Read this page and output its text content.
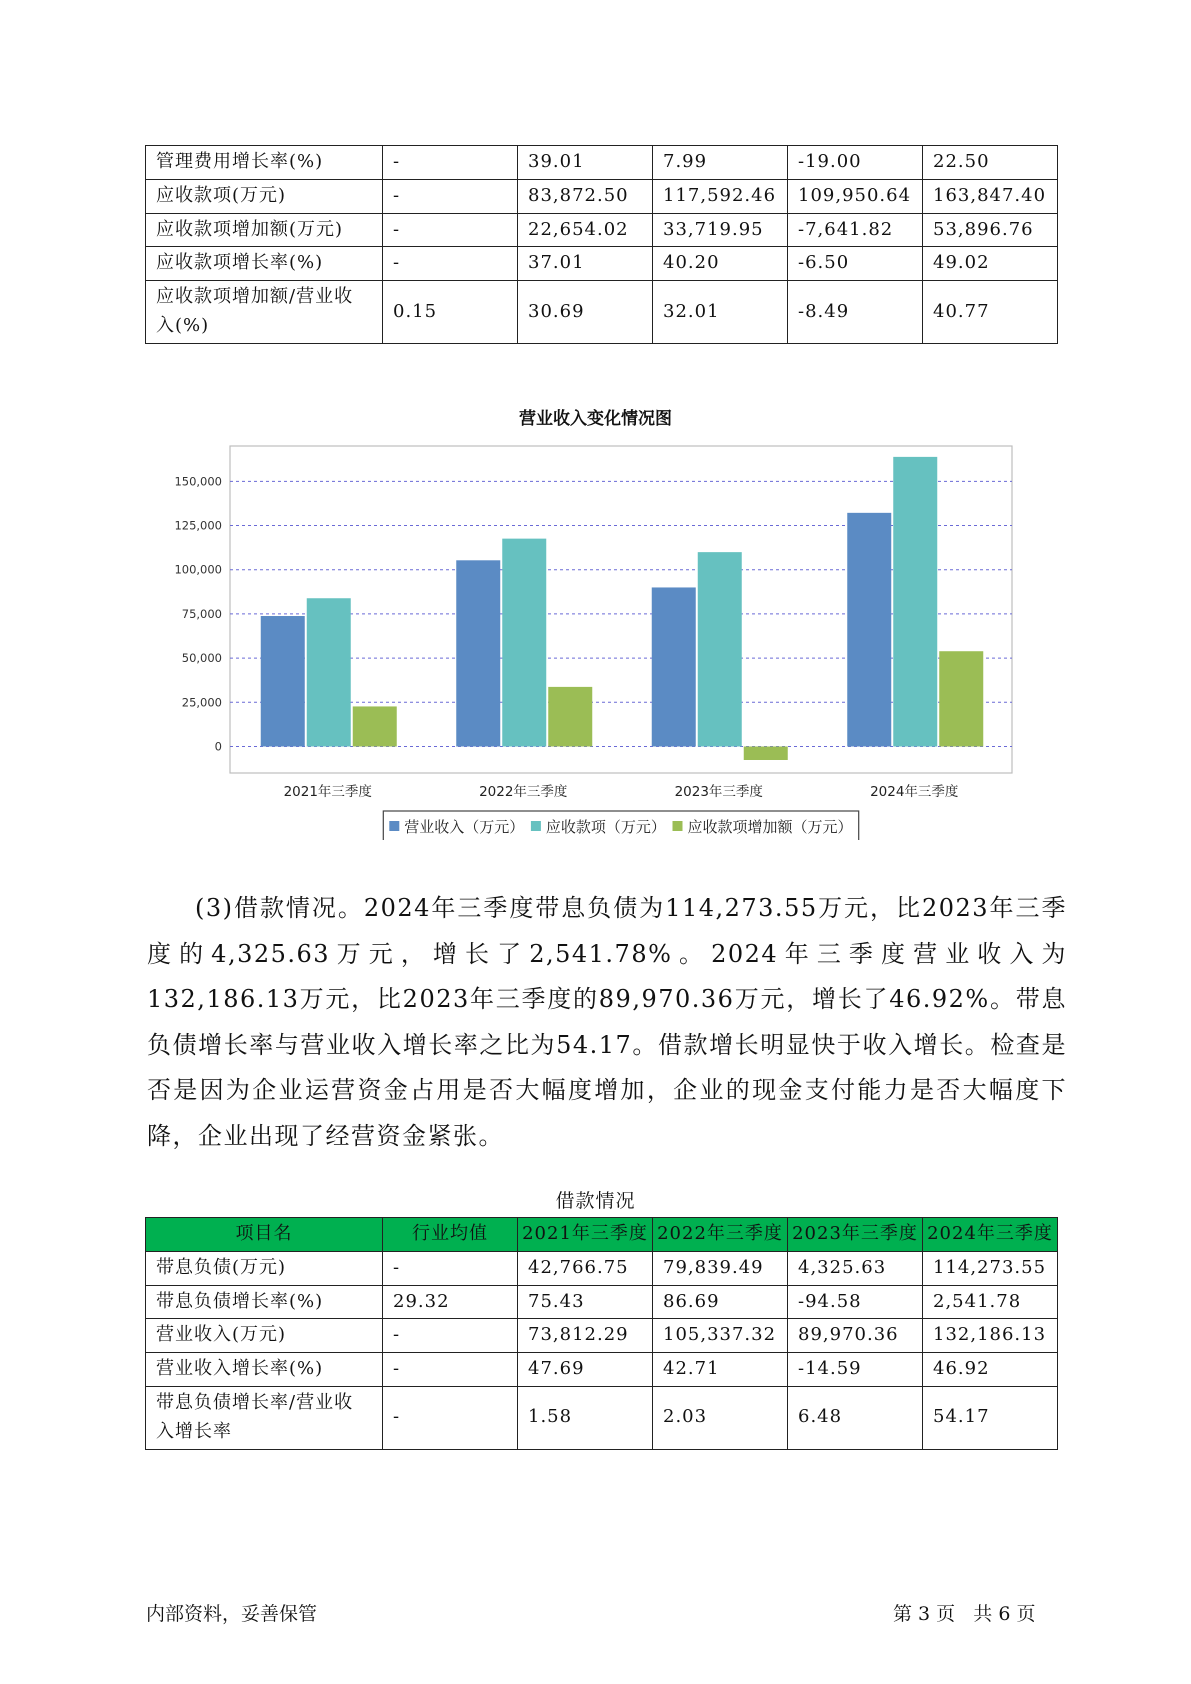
管理费用增长率(%)	-	39.01	7.99	-19.00	22.50
应收款项(万元)	-	83,872.50	117,592.46	109,950.64	163,847.40
应收款项增加额(万元)	-	22,654.02	33,719.95	-7,641.82	53,896.76
应收款项增长率(%)	-	37.01	40.20	-6.50	49.02
应收款项增加额/营业收入(%)	0.15	30.69	32.01	-8.49	40.77
营业收入变化情况图
0
25,000
50,000
75,000
100,000
125,000
150,000
2021年三季度	2022年三季度	2023年三季度	2024年三季度
营业收入（万元） 应收款项（万元） 应收款项增加额（万元）

(3)借款情况。2024年三季度带息负债为114,273.55万元，比2023年三季度的4,325.63万元，增长了2,541.78%。2024年三季度营业收入为132,186.13万元，比2023年三季度的89,970.36万元，增长了46.92%。带息负债增长率与营业收入增长率之比为54.17。借款增长明显快于收入增长。检查是否是因为企业运营资金占用是否大幅度增加，企业的现金支付能力是否大幅度下降，企业出现了经营资金紧张。

借款情况
项目名	行业均值	2021年三季度	2022年三季度	2023年三季度	2024年三季度
带息负债(万元)	-	42,766.75	79,839.49	4,325.63	114,273.55
带息负债增长率(%)	29.32	75.43	86.69	-94.58	2,541.78
营业收入(万元)	-	73,812.29	105,337.32	89,970.36	132,186.13
营业收入增长率(%)	-	47.69	42.71	-14.59	46.92
带息负债增长率/营业收入增长率	-	1.58	2.03	6.48	54.17
内部资料，妥善保管	第 3 页   共 6 页
